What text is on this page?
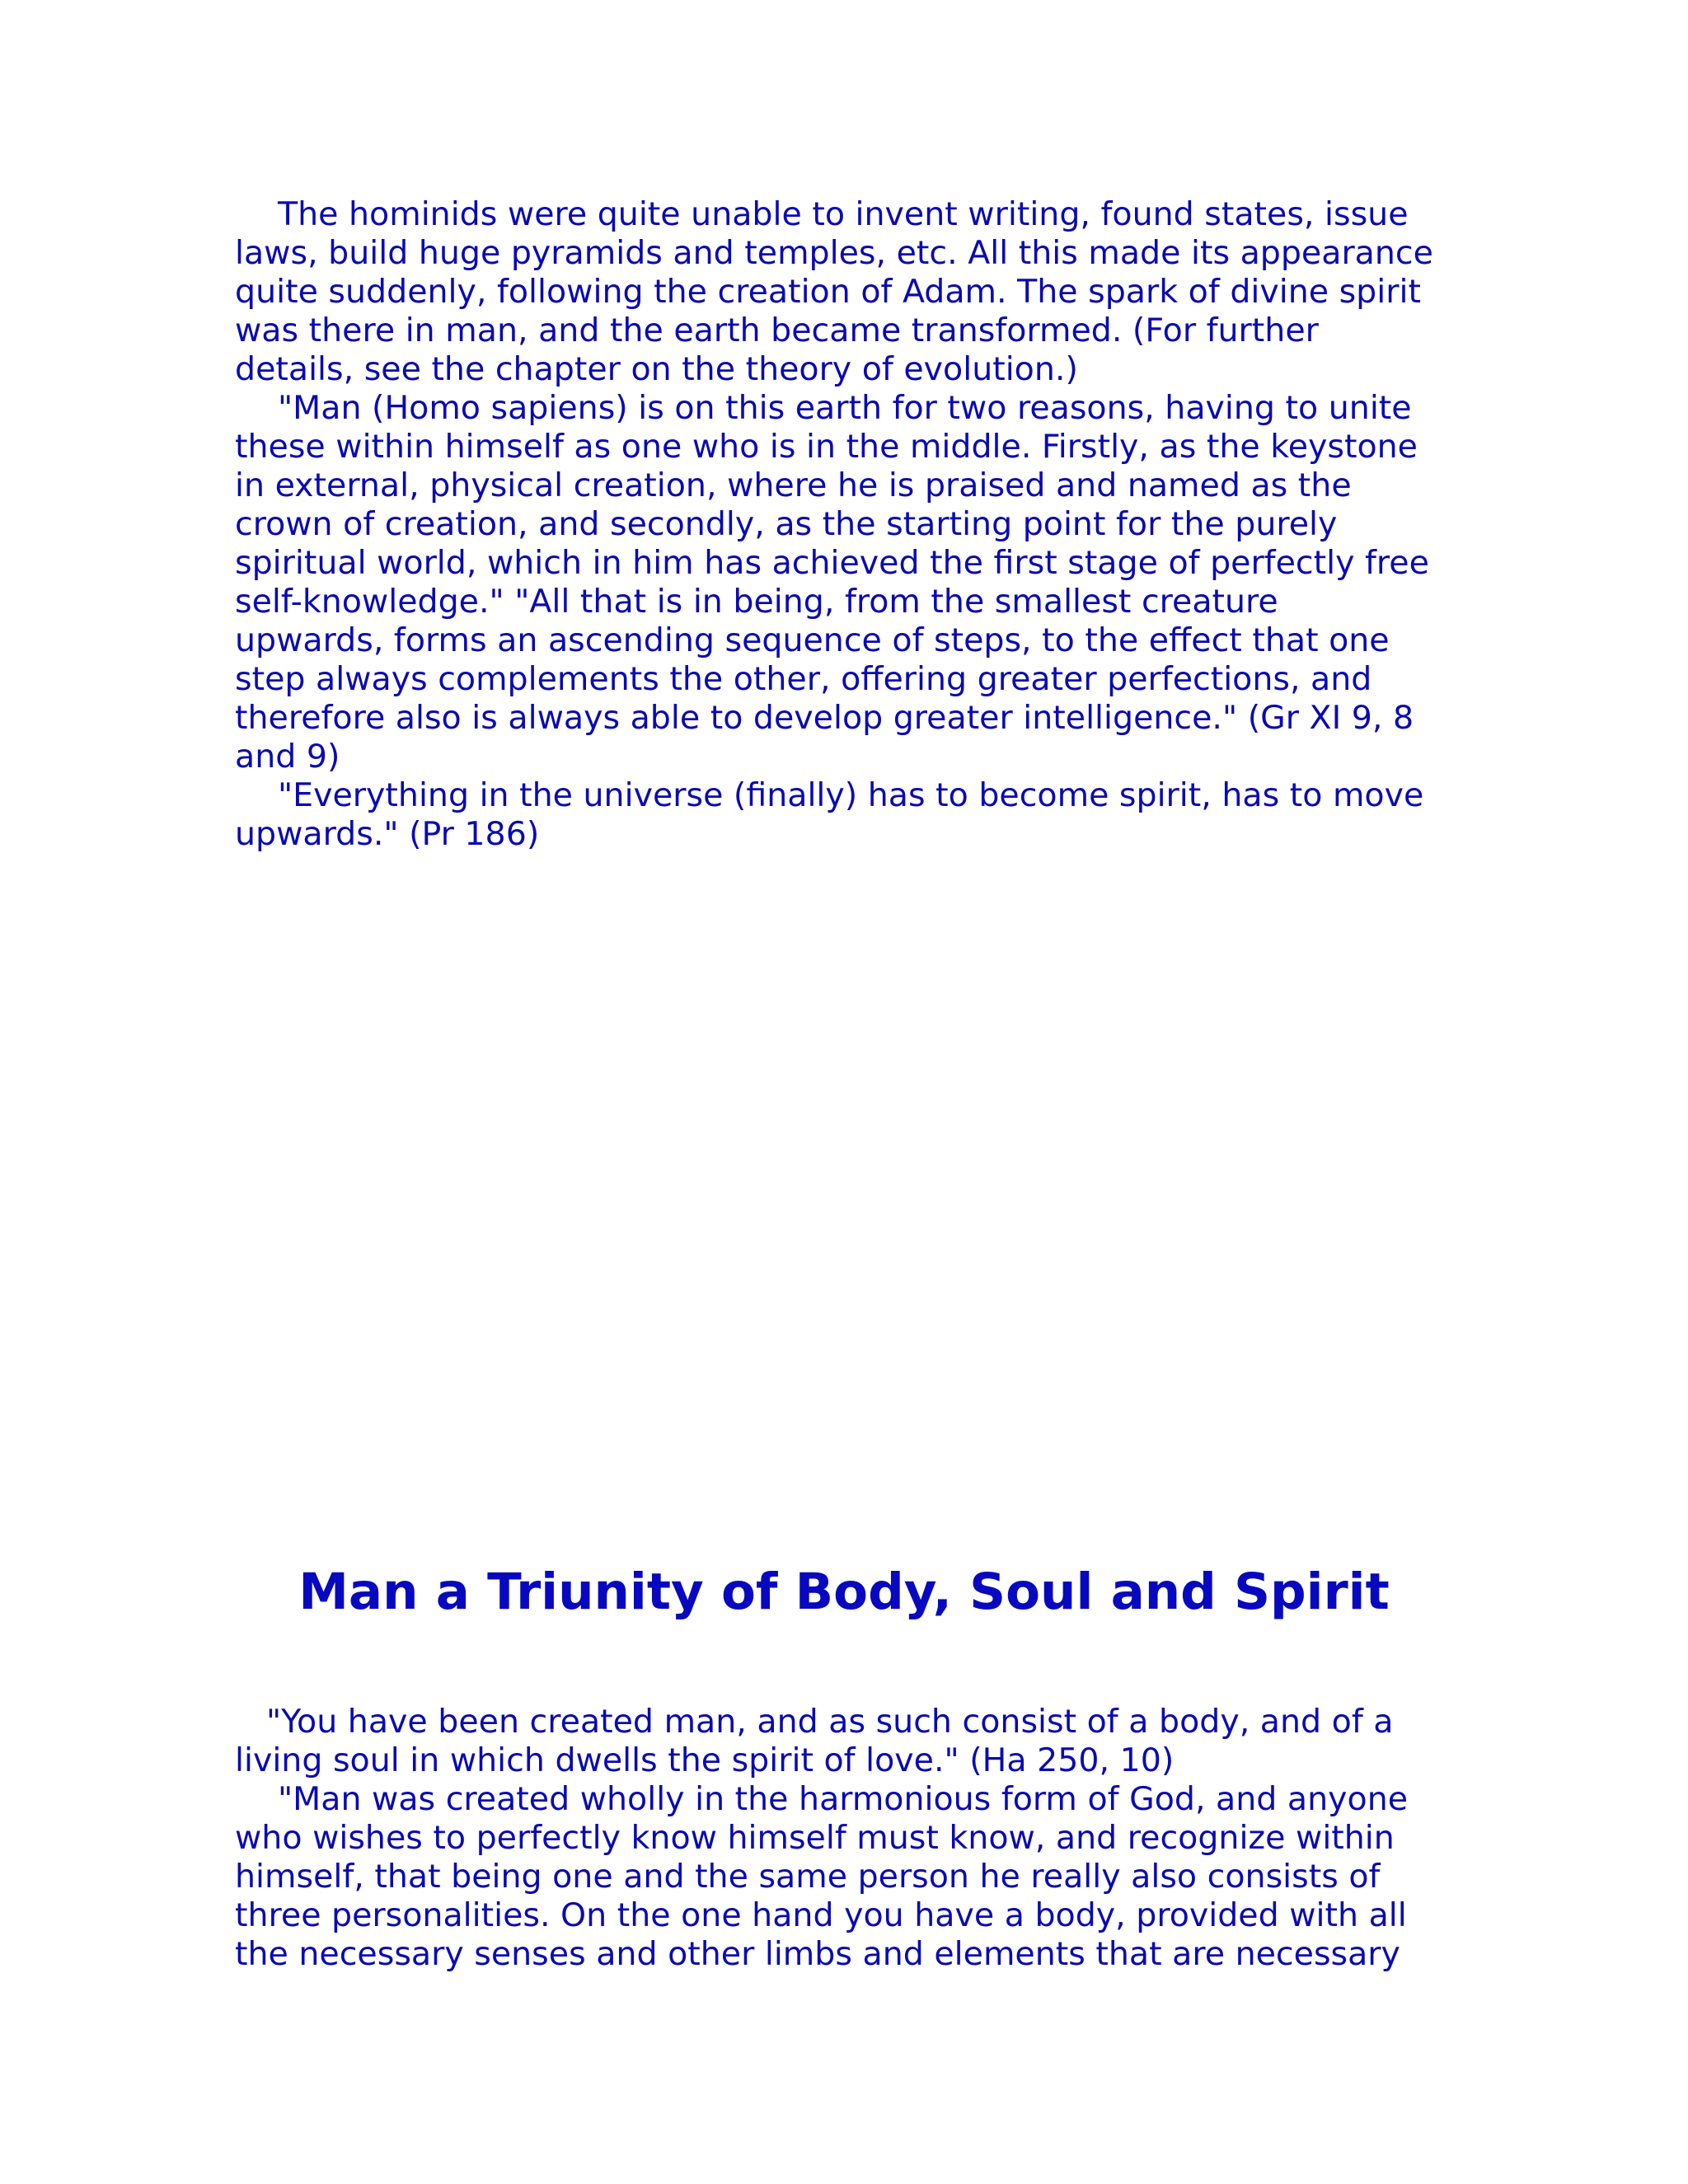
The hominids were quite unable to invent writing, found states, issue
laws, build huge pyramids and temples, etc. All this made its appearance
quite suddenly, following the creation of Adam. The spark of divine spirit
was there in man, and the earth became transformed. (For further
details, see the chapter on the theory of evolution.)
"Man (Homo sapiens) is on this earth for two reasons, having to unite
these within himself as one who is in the middle. Firstly, as the keystone
in external, physical creation, where he is praised and named as the
crown of creation, and secondly, as the starting point for the purely
spiritual world, which in him has achieved the first stage of perfectly free
self-knowledge." "All that is in being, from the smallest creature
upwards, forms an ascending sequence of steps, to the effect that one
step always complements the other, offering greater perfections, and
therefore also is always able to develop greater intelligence." (Gr XI 9, 8
and 9)
"Everything in the universe (finally) has to become spirit, has to move
upwards." (Pr 186)
Man a Triunity of Body, Soul and Spirit
"You have been created man, and as such consist of a body, and of a
living soul in which dwells the spirit of love." (Ha 250, 10)
"Man was created wholly in the harmonious form of God, and anyone
who wishes to perfectly know himself must know, and recognize within
himself, that being one and the same person he really also consists of
three personalities. On the one hand you have a body, provided with all
the necessary senses and other limbs and elements that are necessary
